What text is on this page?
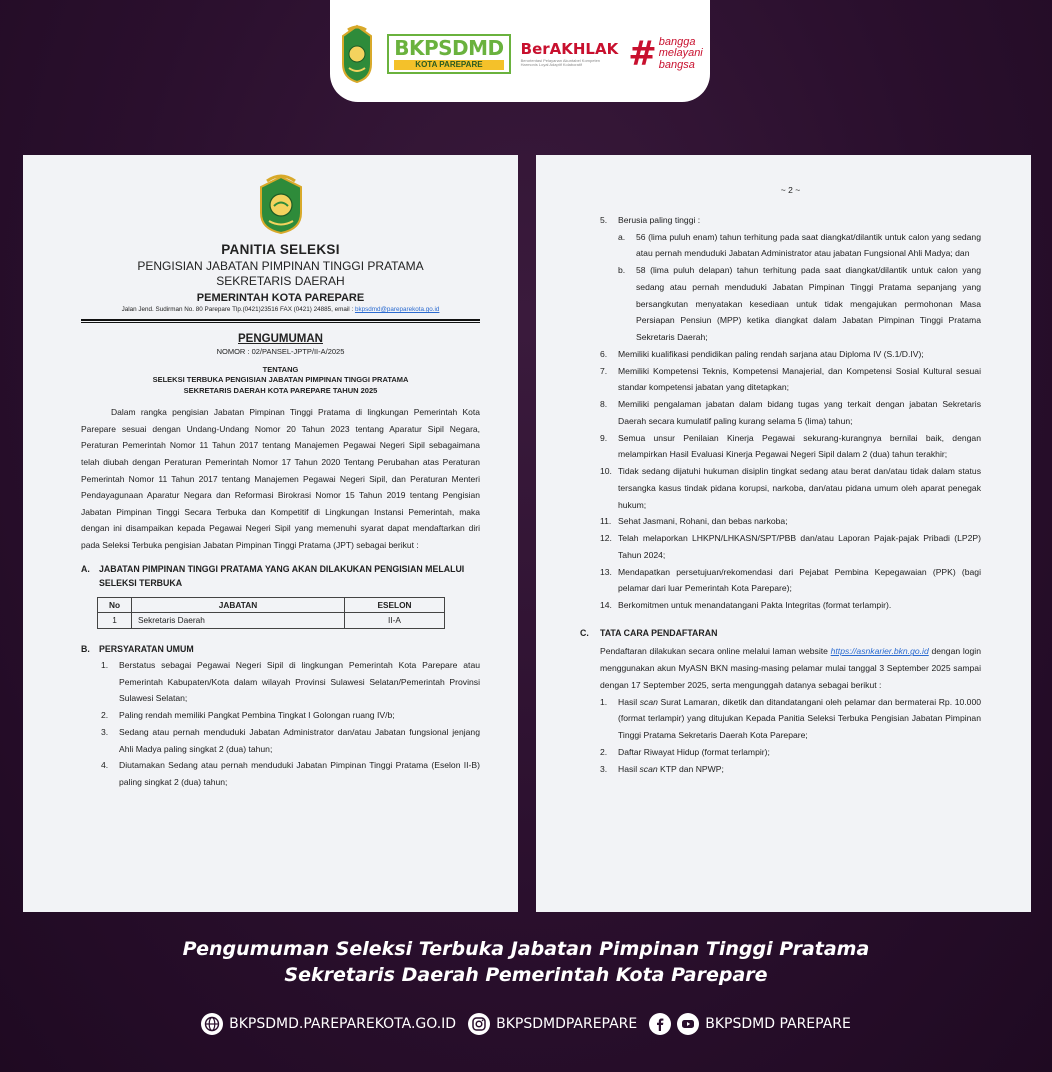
BKPSDMD
KOTA PAREPARE
BerAKHLAK
Berorientasi Pelayanan Akuntabel Kompeten Harmonis Loyal Adaptif Kolaboratif	# bangga
melayani
bangsa
PANITIA SELEKSI
PENGISIAN JABATAN PIMPINAN TINGGI PRATAMA
SEKRETARIS DAERAH
PEMERINTAH KOTA PAREPARE
Jalan Jend. Sudirman No. 80 Parepare Tlp.(0421)23516 FAX (0421) 24885, email : bkpsdmd@pareparekota.go.id
PENGUMUMAN
NOMOR : 02/PANSEL-JPTP/II-A/2025
TENTANG
SELEKSI TERBUKA PENGISIAN JABATAN PIMPINAN TINGGI PRATAMA
SEKRETARIS DAERAH KOTA PAREPARE TAHUN 2025

Dalam rangka pengisian Jabatan Pimpinan Tinggi Pratama di lingkungan Pemerintah Kota Parepare sesuai dengan Undang-Undang Nomor 20 Tahun 2023 tentang Aparatur Sipil Negara, Peraturan Pemerintah Nomor 11 Tahun 2017 tentang Manajemen Pegawai Negeri Sipil sebagaimana telah diubah dengan Peraturan Pemerintah Nomor 17 Tahun 2020 Tentang Perubahan atas Peraturan Pemerintah Nomor 11 Tahun 2017 tentang Manajemen Pegawai Negeri Sipil, dan Peraturan Menteri Pendayagunaan Aparatur Negara dan Reformasi Birokrasi Nomor 15 Tahun 2019 tentang Pengisian Jabatan Pimpinan Tinggi Secara Terbuka dan Kompetitif di Lingkungan Instansi Pemerintah, maka dengan ini disampaikan kepada Pegawai Negeri Sipil yang memenuhi syarat dapat mendaftarkan diri pada Seleksi Terbuka pengisian Jabatan Pimpinan Tinggi Pratama (JPT) sebagai berikut :

A.	JABATAN PIMPINAN TINGGI PRATAMA YANG AKAN DILAKUKAN PENGISIAN MELALUI SELEKSI TERBUKA
No	JABATAN	ESELON
1	Sekretaris Daerah	II-A
B.	PERSYARATAN UMUM
1.	Berstatus sebagai Pegawai Negeri Sipil di lingkungan Pemerintah Kota Parepare atau Pemerintah Kabupaten/Kota dalam wilayah Provinsi Sulawesi Selatan/Pemerintah Provinsi Sulawesi Selatan;
2.	Paling rendah memiliki Pangkat Pembina Tingkat I Golongan ruang IV/b;
3.	Sedang atau pernah menduduki Jabatan Administrator dan/atau Jabatan fungsional jenjang Ahli Madya paling singkat 2 (dua) tahun;
4.	Diutamakan Sedang atau pernah menduduki Jabatan Pimpinan Tinggi Pratama (Eselon II-B) paling singkat 2 (dua) tahun;
~ 2 ~
5.	Berusia paling tinggi :
a.	56 (lima puluh enam) tahun terhitung pada saat diangkat/dilantik untuk calon yang sedang atau pernah menduduki Jabatan Administrator atau jabatan Fungsional Ahli Madya; dan
b.	58 (lima puluh delapan) tahun terhitung pada saat diangkat/dilantik untuk calon yang sedang atau pernah menduduki Jabatan Pimpinan Tinggi Pratama sepanjang yang bersangkutan menyatakan kesediaan untuk tidak mengajukan permohonan Masa Persiapan Pensiun (MPP) ketika diangkat dalam Jabatan Pimpinan Tinggi Pratama Sekretaris Daerah;
6.	Memiliki kualifikasi pendidikan paling rendah sarjana atau Diploma IV (S.1/D.IV);
7.	Memiliki Kompetensi Teknis, Kompetensi Manajerial, dan Kompetensi Sosial Kultural sesuai standar kompetensi jabatan yang ditetapkan;
8.	Memiliki pengalaman jabatan dalam bidang tugas yang terkait dengan jabatan Sekretaris Daerah secara kumulatif paling kurang selama 5 (lima) tahun;
9.	Semua unsur Penilaian Kinerja Pegawai sekurang-kurangnya bernilai baik, dengan melampirkan Hasil Evaluasi Kinerja Pegawai Negeri Sipil dalam 2 (dua) tahun terakhir;
10. Tidak sedang dijatuhi hukuman disiplin tingkat sedang atau berat dan/atau tidak dalam status tersangka kasus tindak pidana korupsi, narkoba, dan/atau pidana umum oleh aparat penegak hukum;
11. Sehat Jasmani, Rohani, dan bebas narkoba;
12. Telah melaporkan LHKPN/LHKASN/SPT/PBB dan/atau Laporan Pajak-pajak Pribadi (LP2P) Tahun 2024;
13. Mendapatkan persetujuan/rekomendasi dari Pejabat Pembina Kepegawaian (PPK) (bagi pelamar dari luar Pemerintah Kota Parepare);
14. Berkomitmen untuk menandatangani Pakta Integritas (format terlampir).
C.	TATA CARA PENDAFTARAN

Pendaftaran dilakukan secara online melalui laman website https://asnkarier.bkn.go.id dengan login menggunakan akun MyASN BKN masing-masing pelamar mulai tanggal 3 September 2025 sampai dengan 17 September 2025, serta mengunggah datanya sebagai berikut :

1.	Hasil scan Surat Lamaran, diketik dan ditandatangani oleh pelamar dan bermaterai Rp. 10.000 (format terlampir) yang ditujukan Kepada Panitia Seleksi Terbuka Pengisian Jabatan Pimpinan Tinggi Pratama Sekretaris Daerah Kota Parepare;
2.	Daftar Riwayat Hidup (format terlampir);
3.	Hasil scan KTP dan NPWP;
Pengumuman Seleksi Terbuka Jabatan Pimpinan Tinggi Pratama
Sekretaris Daerah Pemerintah Kota Parepare
BKPSDMD.PAREPAREKOTA.GO.ID	BKPSDMDPAREPARE	BKPSDMD PAREPARE
